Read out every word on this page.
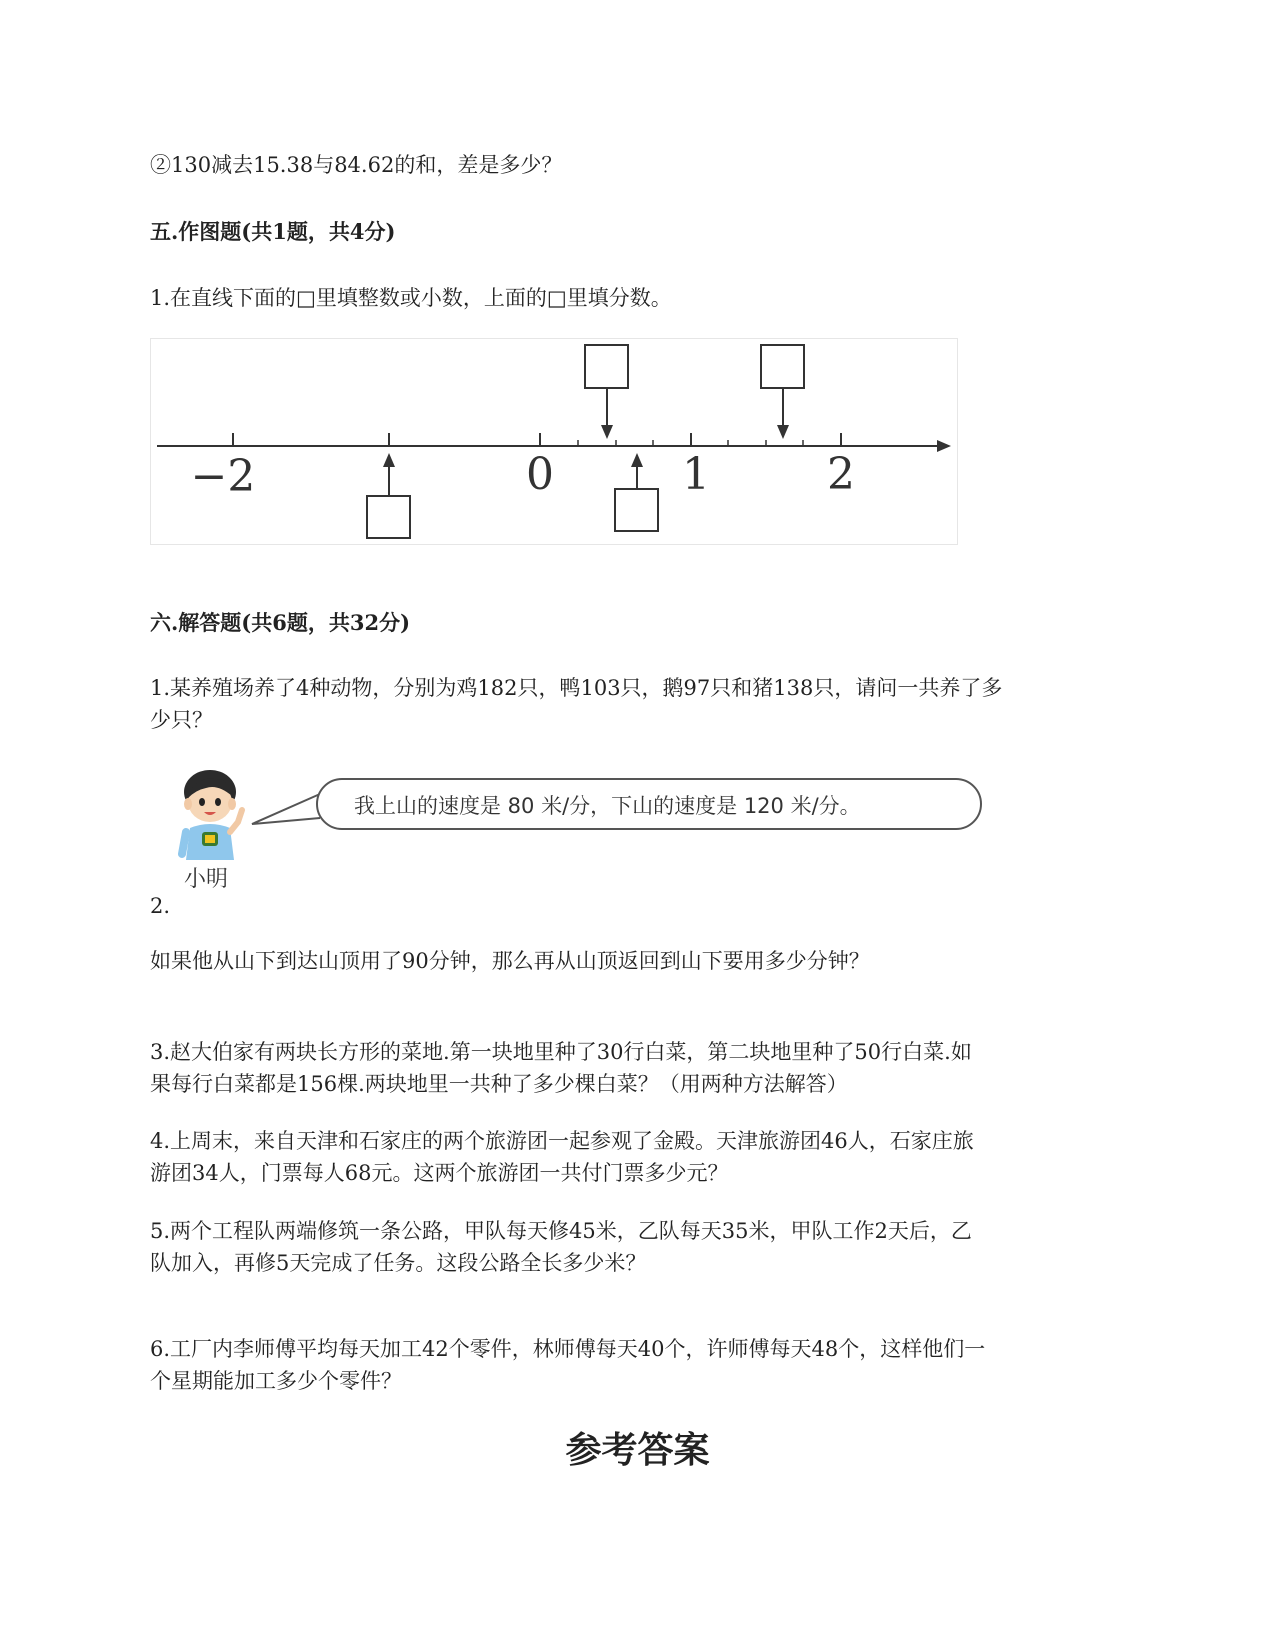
②130减去15.38与84.62的和，差是多少？

五.作图题(共1题，共4分)

1.在直线下面的□里填整数或小数，上面的□里填分数。

−2	0	1	2

六.解答题(共6题，共32分)

1.某养殖场养了4种动物，分别为鸡182只，鸭103只，鹅97只和猪138只，请问一共养了多

少只？

小明
我上山的速度是 80 米/分，下山的速度是 120 米/分。

2.

如果他从山下到达山顶用了90分钟，那么再从山顶返回到山下要用多少分钟？

3.赵大伯家有两块长方形的菜地.第一块地里种了30行白菜，第二块地里种了50行白菜.如

果每行白菜都是156棵.两块地里一共种了多少棵白菜？（用两种方法解答）

4.上周末，来自天津和石家庄的两个旅游团一起参观了金殿。天津旅游团46人，石家庄旅

游团34人，门票每人68元。这两个旅游团一共付门票多少元？

5.两个工程队两端修筑一条公路，甲队每天修45米，乙队每天35米，甲队工作2天后，乙

队加入，再修5天完成了任务。这段公路全长多少米？

6.工厂内李师傅平均每天加工42个零件，林师傅每天40个，许师傅每天48个，这样他们一

个星期能加工多少个零件？

参考答案
